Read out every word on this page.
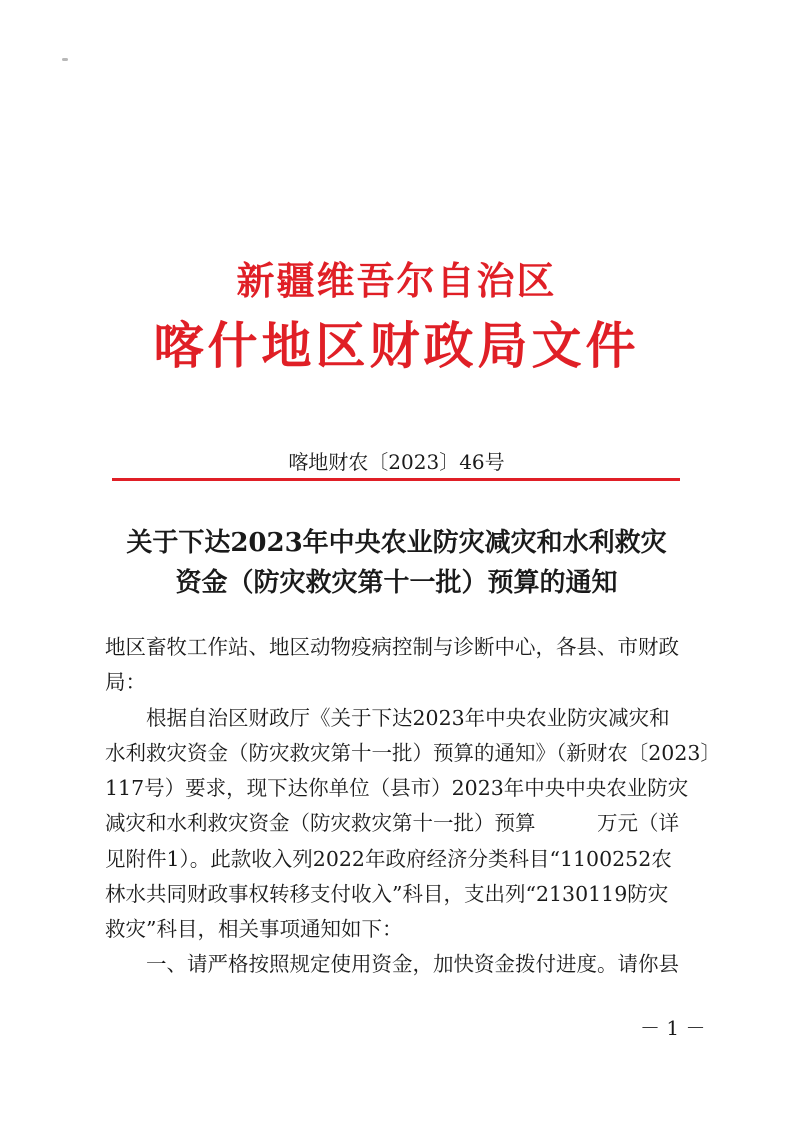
新疆维吾尔自治区
喀什地区财政局文件
喀地财农〔2023〕46号
关于下达2023年中央农业防灾减灾和水利救灾
资金（防灾救灾第十一批）预算的通知
地区畜牧工作站、地区动物疫病控制与诊断中心，各县、市财政
局：
　　根据自治区财政厅《关于下达2023年中央农业防灾减灾和
水利救灾资金（防灾救灾第十一批）预算的通知》（新财农〔2023〕
117号）要求，现下达你单位（县市）2023年中央中央农业防灾
减灾和水利救灾资金（防灾救灾第十一批）预算　　　万元（详
见附件1）。此款收入列2022年政府经济分类科目“1100252农
林水共同财政事权转移支付收入”科目，支出列“2130119防灾
救灾”科目，相关事项通知如下：
　　一、请严格按照规定使用资金，加快资金拨付进度。请你县
－ 1 －
